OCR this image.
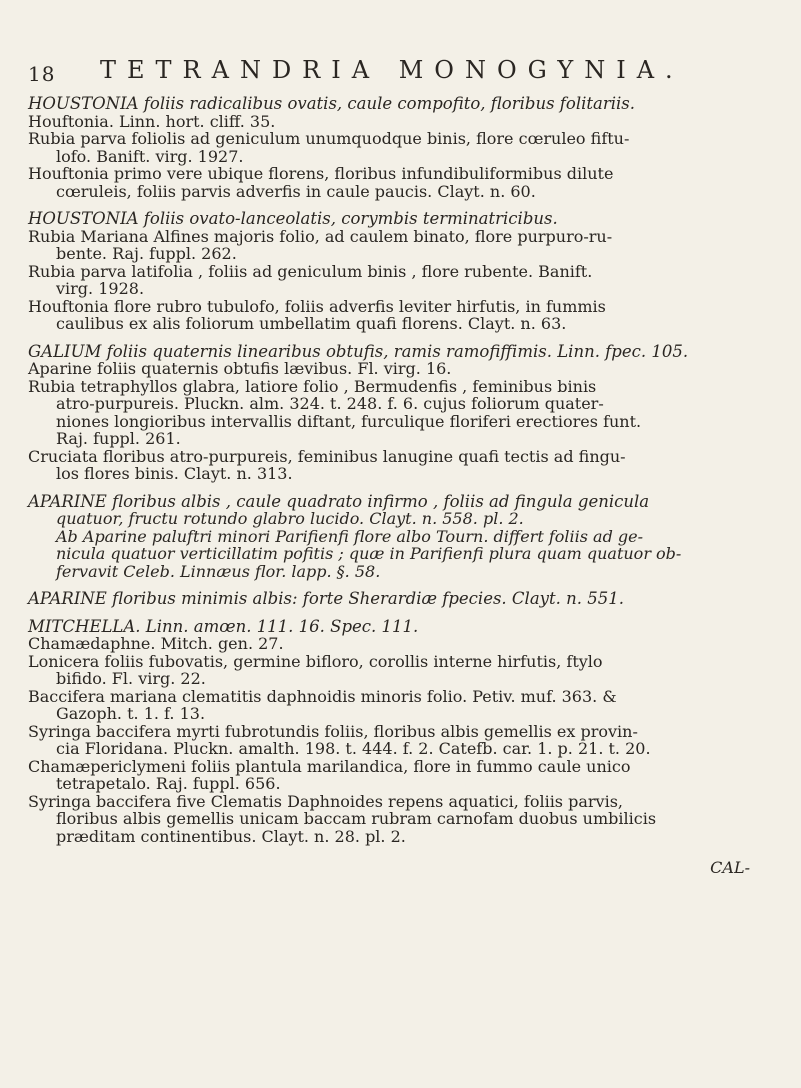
18 TETRANDRIA MONOGYNIA.

HOUSTONIA foliis radicalibus ovatis, caule compofito, floribus folitariis.

Houftonia. Linn. hort. cliff. 35.

Rubia parva foliolis ad geniculum unumquodque binis, flore cœruleo fiftu-

lofo. Banift. virg. 1927.

Houftonia primo vere ubique florens, floribus infundibuliformibus dilute

cœruleis, foliis parvis adverfis in caule paucis. Clayt. n. 60.

HOUSTONIA foliis ovato-lanceolatis, corymbis terminatricibus.

Rubia Mariana Alfines majoris folio, ad caulem binato, flore purpuro-ru-

bente. Raj. fuppl. 262.

Rubia parva latifolia , foliis ad geniculum binis , flore rubente. Banift.

virg. 1928.

Houftonia flore rubro tubulofo, foliis adverfis leviter hirfutis, in fummis

caulibus ex alis foliorum umbellatim quafi florens. Clayt. n. 63.

GALIUM foliis quaternis linearibus obtufis, ramis ramofiffimis. Linn. fpec. 105.

Aparine foliis quaternis obtufis lævibus. Fl. virg. 16.

Rubia tetraphyllos glabra, latiore folio , Bermudenfis , feminibus binis

atro-purpureis. Pluckn. alm. 324. t. 248. f. 6. cujus foliorum quater-

niones longioribus intervallis diftant, furculique floriferi erectiores funt.

Raj. fuppl. 261.

Cruciata floribus atro-purpureis, feminibus lanugine quafi tectis ad fingu-

los flores binis. Clayt. n. 313.

APARINE floribus albis , caule quadrato infirmo , foliis ad fingula genicula

quatuor, fructu rotundo glabro lucido. Clayt. n. 558. pl. 2.

Ab Aparine paluftri minori Parifienfi flore albo Tourn. differt foliis ad ge-

nicula quatuor verticillatim pofitis ; quæ in Parifienfi plura quam quatuor ob-

fervavit Celeb. Linnæus flor. lapp. §. 58.

APARINE floribus minimis albis: forte Sherardiæ fpecies. Clayt. n. 551.

MITCHELLA. Linn. amœn. 111. 16. Spec. 111.

Chamædaphne. Mitch. gen. 27.

Lonicera foliis fubovatis, germine bifloro, corollis interne hirfutis, ftylo

bifido. Fl. virg. 22.

Baccifera mariana clematitis daphnoidis minoris folio. Petiv. muf. 363. &

Gazoph. t. 1. f. 13.

Syringa baccifera myrti fubrotundis foliis, floribus albis gemellis ex provin-

cia Floridana. Pluckn. amalth. 198. t. 444. f. 2. Catefb. car. 1. p. 21. t. 20.

Chamæpericlymeni foliis plantula marilandica, flore in fummo caule unico

tetrapetalo. Raj. fuppl. 656.

Syringa baccifera five Clematis Daphnoides repens aquatici, foliis parvis,

floribus albis gemellis unicam baccam rubram carnofam duobus umbilicis

præditam continentibus. Clayt. n. 28. pl. 2.

CAL-
